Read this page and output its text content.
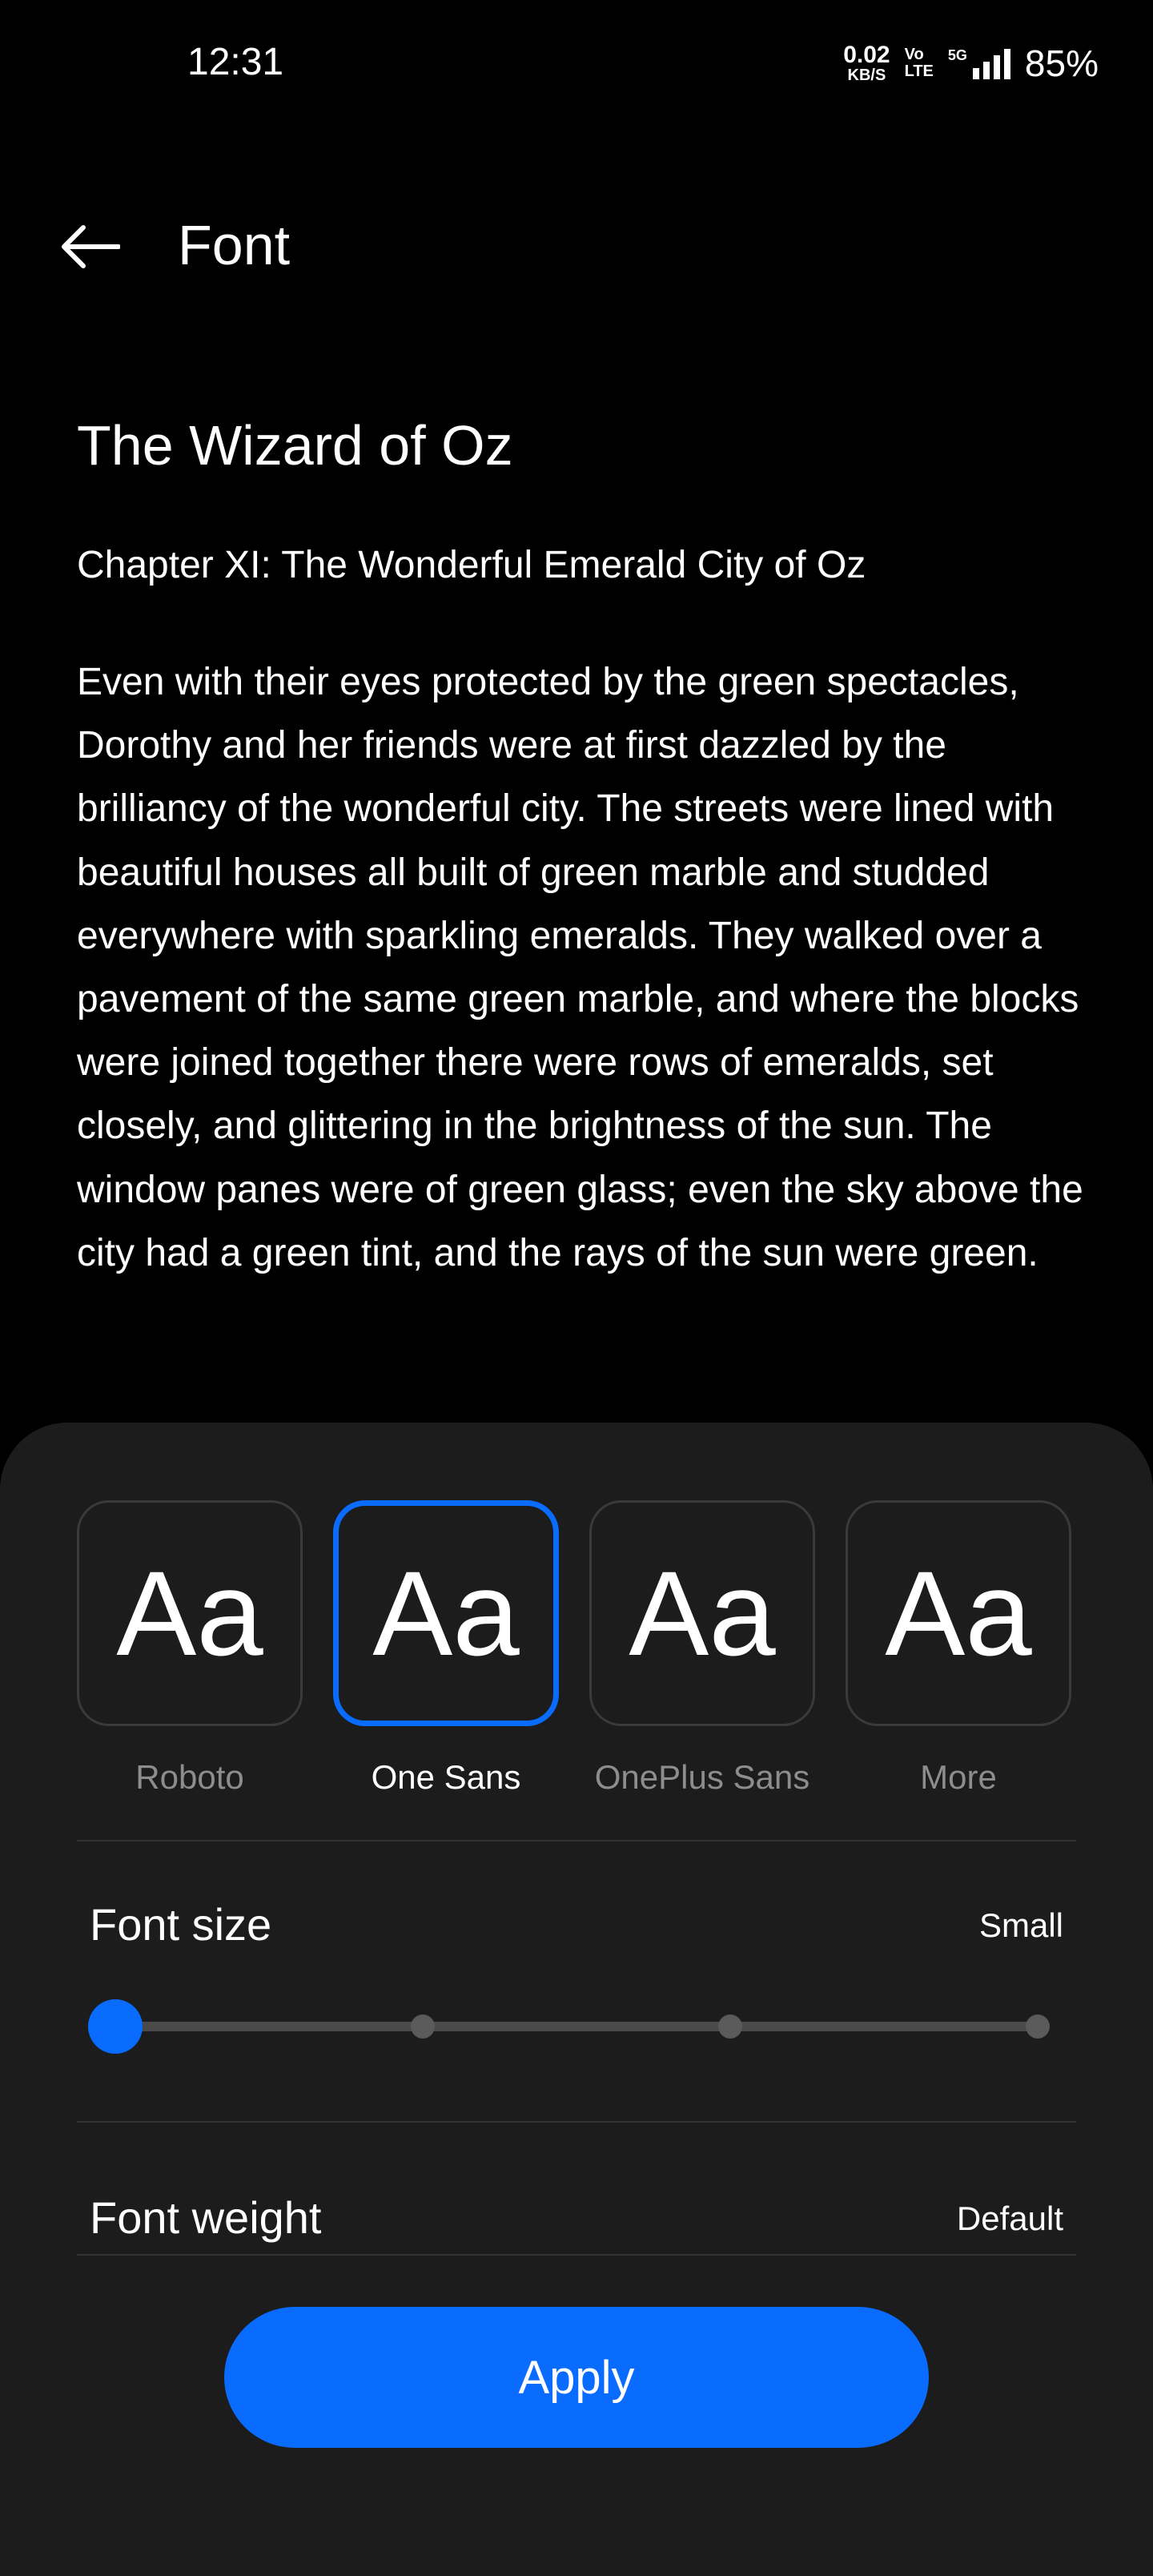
12:31	0.02
KB/S
Vo
LTE
5G 85%
Font
The Wizard of Oz
Chapter XI: The Wonderful Emerald City of Oz
Even with their eyes protected by the green spectacles, Dorothy and her friends were at first dazzled by the brilliancy of the wonderful city. The streets were lined with beautiful houses all built of green marble and studded everywhere with sparkling emeralds. They walked over a pavement of the same green marble, and where the blocks were joined together there were rows of emeralds, set closely, and glittering in the brightness of the sun. The window panes were of green glass; even the sky above the city had a green tint, and the rays of the sun were green.
Aa Aa Aa Aa
Roboto	One Sans	OnePlus Sans	More
Font size	Small
Font weight	Default
Apply
